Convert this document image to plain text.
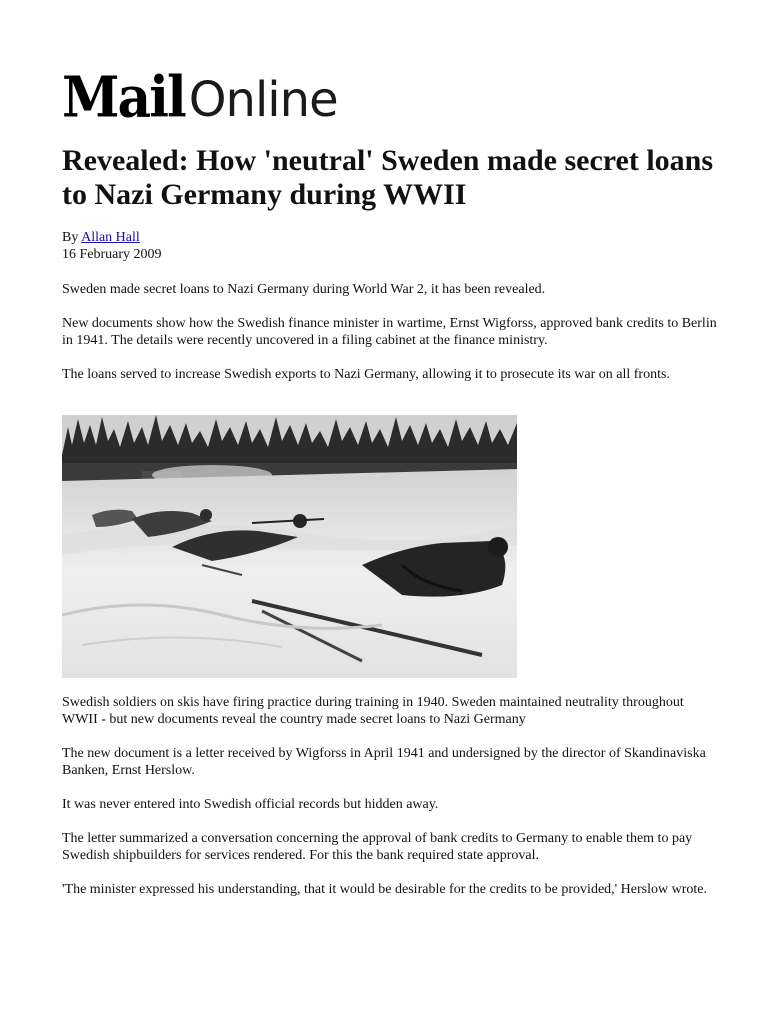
Mail Online
Revealed: How 'neutral' Sweden made secret loans to Nazi Germany during WWII
By Allan Hall
16 February 2009

Sweden made secret loans to Nazi Germany during World War 2, it has been revealed.

New documents show how the Swedish finance minister in wartime, Ernst Wigforss, approved bank credits to Berlin in 1941. The details were recently uncovered in a filing cabinet at the finance ministry.

The loans served to increase Swedish exports to Nazi Germany, allowing it to prosecute its war on all fronts.

Swedish soldiers on skis have firing practice during training in 1940. Sweden maintained neutrality throughout WWII - but new documents reveal the country made secret loans to Nazi Germany

The new document is a letter received by Wigforss in April 1941 and undersigned by the director of Skandinaviska Banken, Ernst Herslow.

It was never entered into Swedish official records but hidden away.

The letter summarized a conversation concerning the approval of bank credits to Germany to enable them to pay Swedish shipbuilders for services rendered. For this the bank required state approval.

'The minister expressed his understanding, that it would be desirable for the credits to be provided,' Herslow wrote.
